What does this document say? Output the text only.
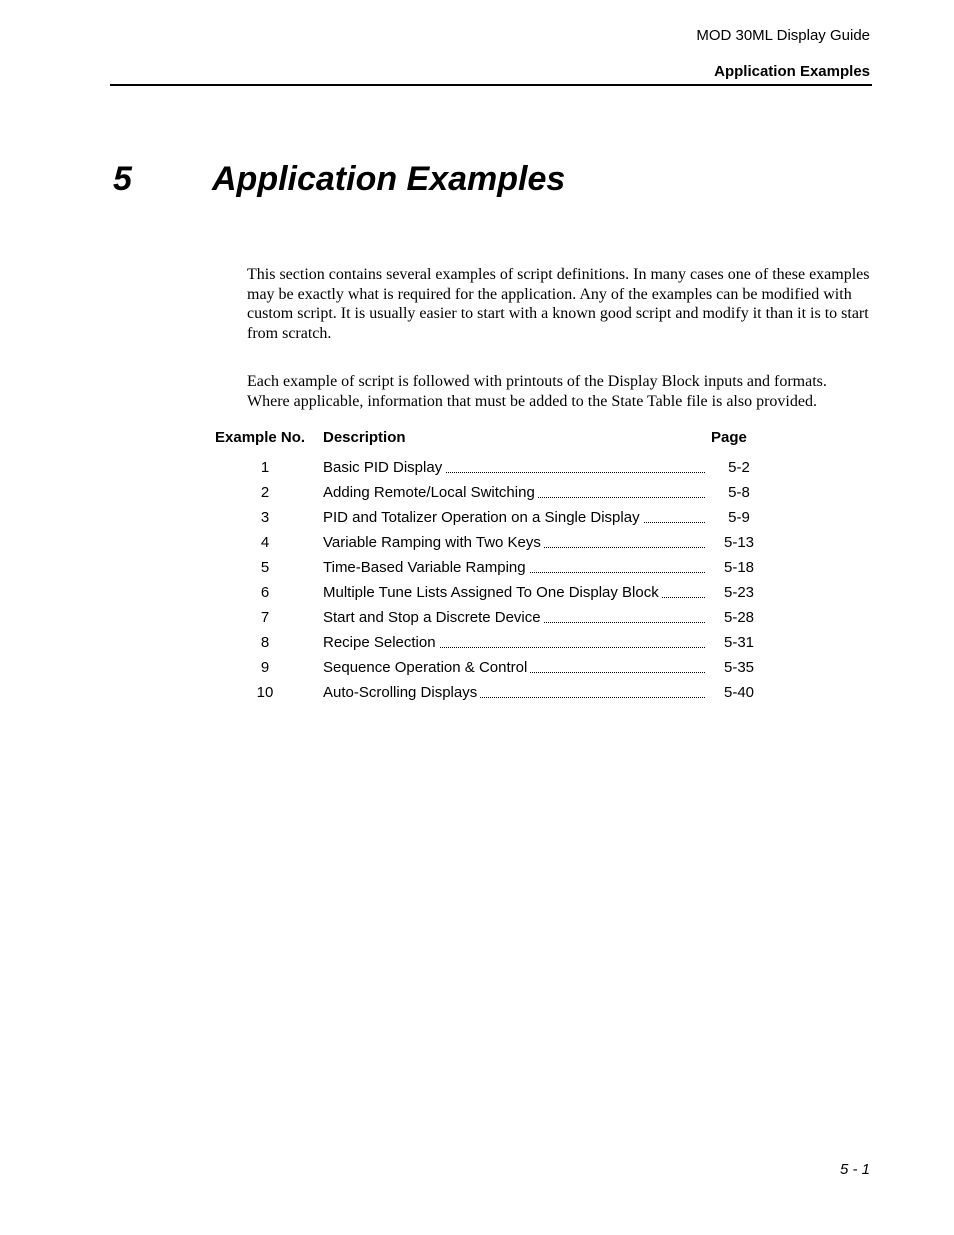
MOD 30ML Display Guide
Application Examples
5 Application Examples

This section contains several examples of script definitions. In many cases one of these examples may be exactly what is required for the application. Any of the examples can be modified with custom script. It is usually easier to start with a known good script and modify it than it is to start from scratch.

Each example of script is followed with printouts of the Display Block inputs and formats. Where applicable, information that must be added to the State Table file is also provided.

Example No. Description	Page
1	Basic PID Display	5-2
2	Adding Remote/Local Switching	5-8
3	PID and Totalizer Operation on a Single Display	5-9
4	Variable Ramping with Two Keys	5-13
5	Time-Based Variable Ramping	5-18
6	Multiple Tune Lists Assigned To One Display Block	5-23
7	Start and Stop a Discrete Device	5-28
8	Recipe Selection	5-31
9	Sequence Operation & Control	5-35
10	Auto-Scrolling Displays	5-40
5 - 1
